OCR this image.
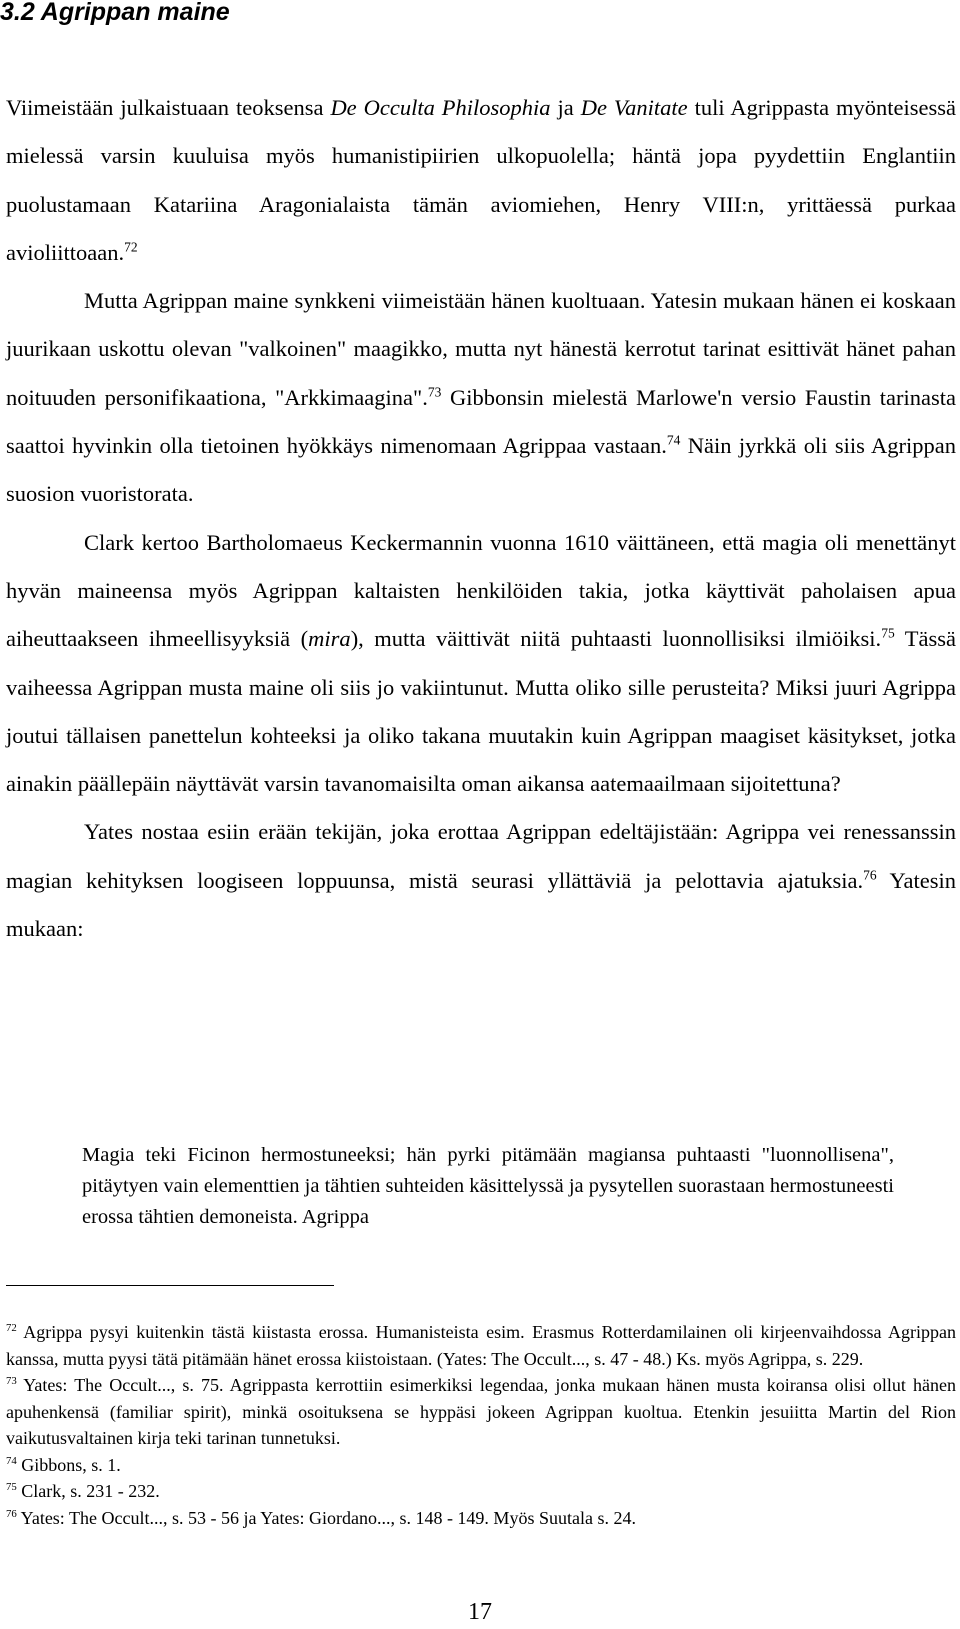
3.2 Agrippan maine

Viimeistään julkaistuaan teoksensa De Occulta Philosophia ja De Vanitate tuli Agrippasta myönteisessä mielessä varsin kuuluisa myös humanistipiirien ulkopuolella; häntä jopa pyydettiin Englantiin puolustamaan Katariina Aragonialaista tämän aviomiehen, Henry VIII:n, yrittäessä purkaa avioliittoaan.$^{72}$

Mutta Agrippan maine synkkeni viimeistään hänen kuoltuaan. Yatesin mukaan hänen ei koskaan juurikaan uskottu olevan "valkoinen" maagikko, mutta nyt hänestä kerrotut tarinat esittivät hänet pahan noituuden personifikaationa, "Arkkimaagina".$^{73}$ Gibbonsin mielestä Marlowe'n versio Faustin tarinasta saattoi hyvinkin olla tietoinen hyökkäys nimenomaan Agrippaa vastaan.$^{74}$ Näin jyrkkä oli siis Agrippan suosion vuoristorata.

Clark kertoo Bartholomaeus Keckermannin vuonna 1610 väittäneen, että magia oli menettänyt hyvän maineensa myös Agrippan kaltaisten henkilöiden takia, jotka käyttivät paholaisen apua aiheuttaakseen ihmeellisyyksiä (mira), mutta väittivät niitä puhtaasti luonnollisiksi ilmiöiksi.$^{75}$ Tässä vaiheessa Agrippan musta maine oli siis jo vakiintunut. Mutta oliko sille perusteita? Miksi juuri Agrippa joutui tällaisen panettelun kohteeksi ja oliko takana muutakin kuin Agrippan maagiset käsitykset, jotka ainakin päällepäin näyttävät varsin tavanomaisilta oman aikansa aatemaailmaan sijoitettuna?

Yates nostaa esiin erään tekijän, joka erottaa Agrippan edeltäjistään: Agrippa vei renessanssin magian kehityksen loogiseen loppuunsa, mistä seurasi yllättäviä ja pelottavia ajatuksia.$^{76}$ Yatesin mukaan:

Magia teki Ficinon hermostuneeksi; hän pyrki pitämään magiansa puhtaasti "luonnollisena", pitäytyen vain elementtien ja tähtien suhteiden käsittelyssä ja pysytellen suorastaan hermostuneesti erossa tähtien demoneista. Agrippa

$^{72}$ Agrippa pysyi kuitenkin tästä kiistasta erossa. Humanisteista esim. Erasmus Rotterdamilainen oli kirjeenvaihdossa Agrippan kanssa, mutta pyysi tätä pitämään hänet erossa kiistoistaan. (Yates: The Occult..., s. 47 - 48.) Ks. myös Agrippa, s. 229.

$^{73}$ Yates: The Occult..., s. 75. Agrippasta kerrottiin esimerkiksi legendaa, jonka mukaan hänen musta koiransa olisi ollut hänen apuhenkensä (familiar spirit), minkä osoituksena se hyppäsi jokeen Agrippan kuoltua. Etenkin jesuiitta Martin del Rion vaikutusvaltainen kirja teki tarinan tunnetuksi.

$^{74}$ Gibbons, s. 1.

$^{75}$ Clark, s. 231 - 232.

$^{76}$ Yates: The Occult..., s. 53 - 56 ja Yates: Giordano..., s. 148 - 149. Myös Suutala s. 24.

17
